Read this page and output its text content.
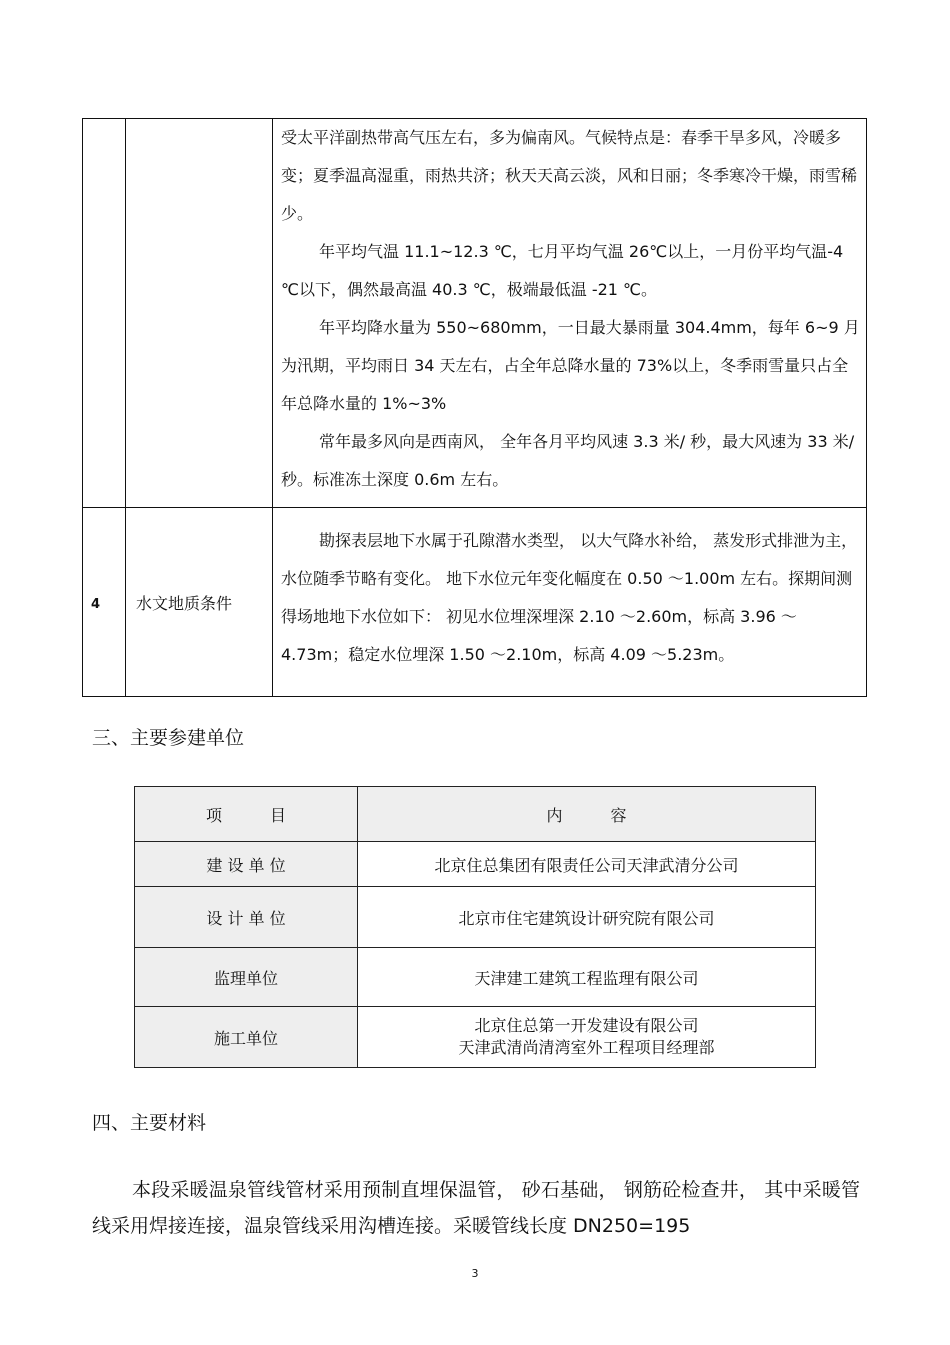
		受太平洋副热带高气压左右，多为偏南风。气候特点是：春季干旱多风，冷暖多变；夏季温高湿重，雨热共济；秋天天高云淡，风和日丽；冬季寒冷干燥，雨雪稀少。

年平均气温 11.1~12.3 ℃，七月平均气温 26℃以上，一月份平均气温-4 ℃以下，偶然最高温 40.3 ℃，极端最低温 -21 ℃。

年平均降水量为 550~680mm，一日最大暴雨量 304.4mm，每年 6~9 月为汛期，平均雨日 34 天左右，占全年总降水量的 73%以上，冬季雨雪量只占全年总降水量的 1%~3%

常年最多风向是西南风， 全年各月平均风速 3.3 米/ 秒，最大风速为 33 米/ 秒。标准冻土深度 0.6m 左右。

4	水文地质条件	勘探表层地下水属于孔隙潜水类型， 以大气降水补给， 蒸发形式排泄为主，水位随季节略有变化。 地下水位元年变化幅度在 0.50 ～1.00m 左右。探期间测得场地地下水位如下： 初见水位埋深埋深 2.10 ～2.60m，标高 3.96 ～4.73m；稳定水位埋深 1.50 ～2.10m，标高 4.09 ～5.23m。

三、主要参建单位

项　　　目	内　　　容
建 设 单 位	北京住总集团有限责任公司天津武清分公司
设 计 单 位	北京市住宅建筑设计研究院有限公司
监理单位	天津建工建筑工程监理有限公司
施工单位	北京住总第一开发建设有限公司
天津武清尚清湾室外工程项目经理部

四、主要材料

本段采暖温泉管线管材采用预制直埋保温管， 砂石基础， 钢筋砼检查井， 其中采暖管线采用焊接连接，温泉管线采用沟槽连接。采暖管线长度 DN250=195

3
